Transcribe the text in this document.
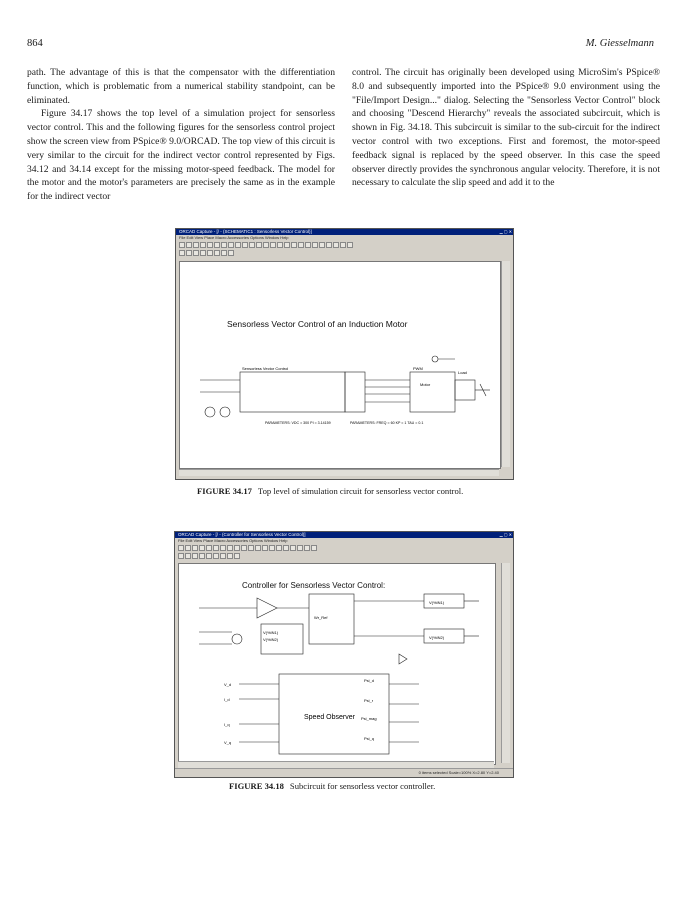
864	M. Giesselmann

path. The advantage of this is that the compensator with the differentiation function, which is problematic from a numerical stability standpoint, can be eliminated.

Figure 34.17 shows the top level of a simulation project for sensorless vector control. This and the following figures for the sensorless control project show the screen view from PSpice® 9.0/ORCAD. The top view of this circuit is very similar to the circuit for the indirect vector control represented by Figs. 34.12 and 34.14 except for the missing motor-speed feedback. The model for the motor and the motor's parameters are precisely the same as in the example for the indirect vector

control. The circuit has originally been developed using MicroSim's PSpice® 8.0 and subsequently imported into the PSpice® 9.0 environment using the "File/Import Design..." dialog. Selecting the "Sensorless Vector Control" block and choosing "Descend Hierarchy" reveals the associated subcircuit, which is shown in Fig. 34.18. This subcircuit is similar to the sub-circuit for the indirect vector control with two exceptions. First and foremost, the motor-speed feedback signal is replaced by the speed observer. In this case the speed observer directly provides the synchronous angular velocity. Therefore, it is not necessary to calculate the slip speed and add it to the

ORCAD Capture - [/ - (SCHEMATIC1 : Sensorless Vector Control)]	▁ ▢ ✕
File Edit View Place Macro Accessories Options Window Help
Sensorless Vector Control of an Induction Motor
Sensorless Vector Control	PWM
Motor
Load
PARAMETERS: VDC = 300 PI = 3.14159	PARAMETERS: FREQ = 60 KP = 1 TAU = 0.1
FIGURE 34.17 Top level of simulation circuit for sensorless vector control.
ORCAD Capture - [/ - (Controller for Sensorless Vector Control)]	▁ ▢ ✕
File Edit View Place Macro Accessories Options Window Help
Controller for Sensorless Vector Control:
V(%IN1)
V(%IN2)
V(%IN1)
V(%IN2)
Wr_Ref
Speed Observer
V_d
I_d
I_q
V_q
Psi_d
Psi_r
Psi_mag
Psi_q
0 items selected Scale=100% X=2.80 Y=2.40
FIGURE 34.18 Subcircuit for sensorless vector controller.
